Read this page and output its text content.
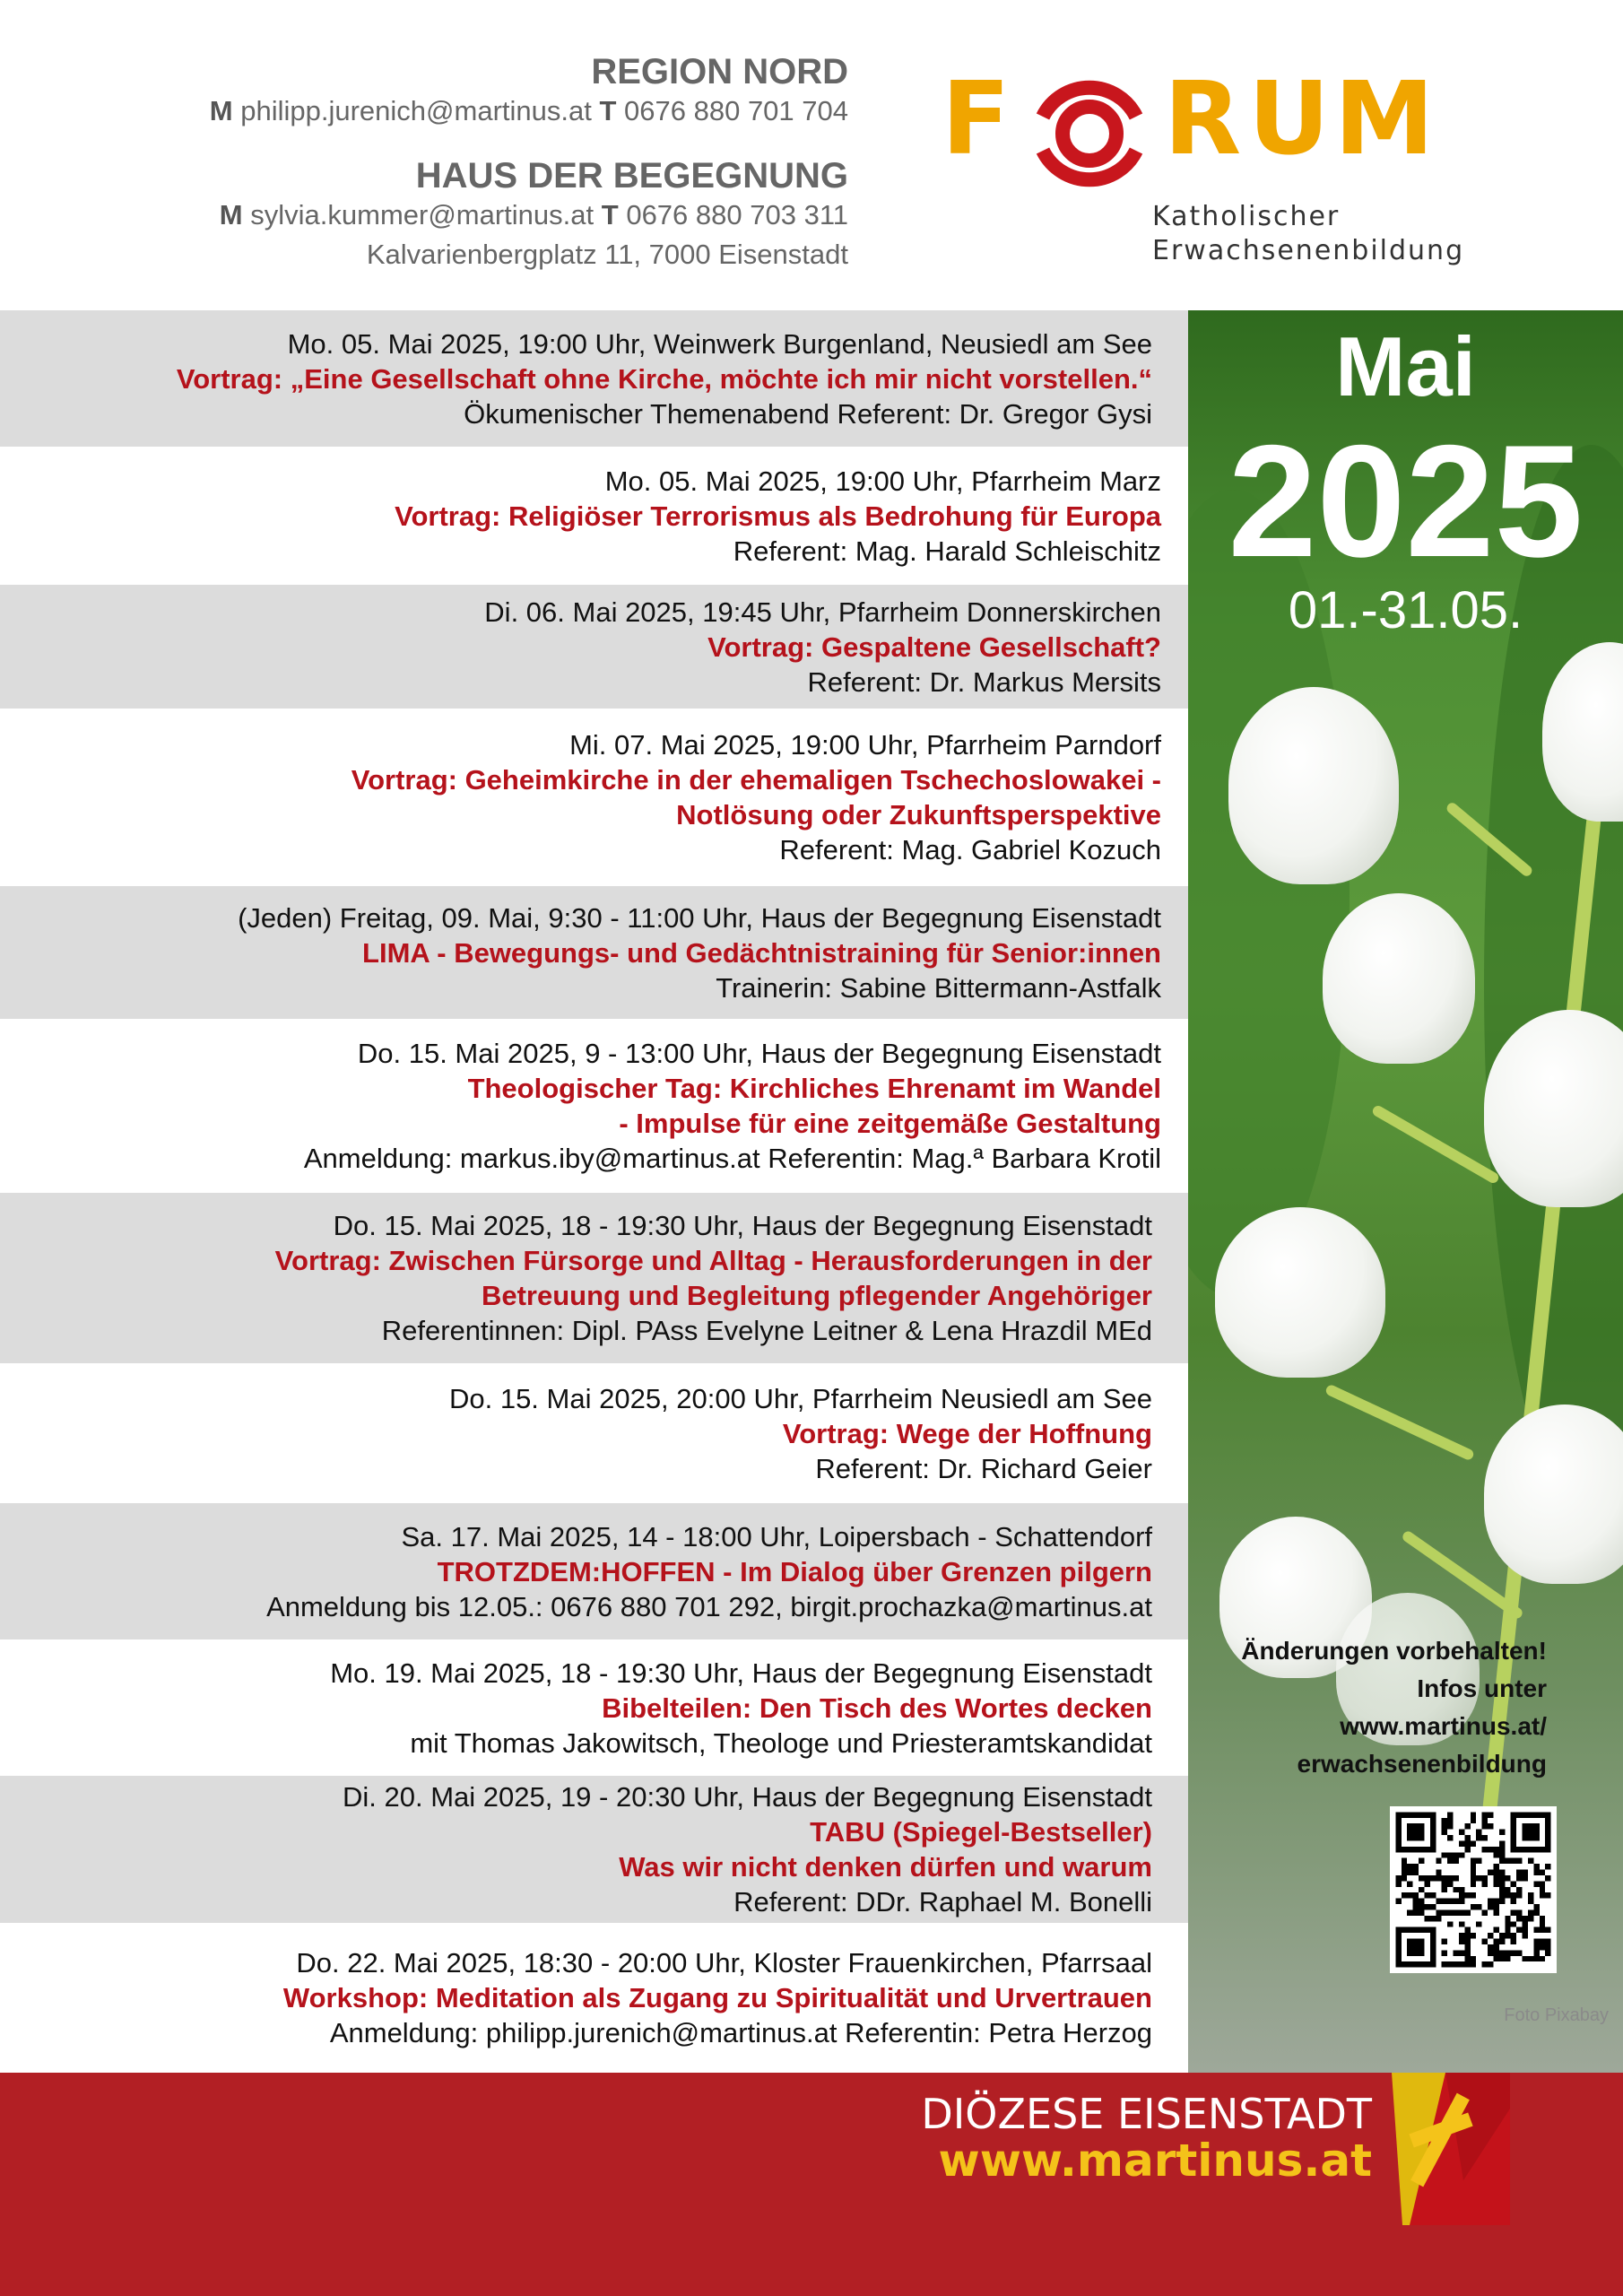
REGION NORD
M philipp.jurenich@martinus.at T 0676 880 701 704
HAUS DER BEGEGNUNG
M sylvia.kummer@martinus.at T 0676 880 703 311
Kalvarienbergplatz 11, 7000 Eisenstadt
F R U M
Katholischer
Erwachsenenbildung
Mo. 05. Mai 2025, 19:00 Uhr, Weinwerk Burgenland, Neusiedl am See
Vortrag: „Eine Gesellschaft ohne Kirche, möchte ich mir nicht vorstellen.“
Ökumenischer Themenabend Referent: Dr. Gregor Gysi
Mo. 05. Mai 2025, 19:00 Uhr, Pfarrheim Marz
Vortrag: Religiöser Terrorismus als Bedrohung für Europa
Referent: Mag. Harald Schleischitz
Di. 06. Mai 2025, 19:45 Uhr, Pfarrheim Donnerskirchen
Vortrag: Gespaltene Gesellschaft?
Referent: Dr. Markus Mersits
Mi. 07. Mai 2025, 19:00 Uhr, Pfarrheim Parndorf
Vortrag: Geheimkirche in der ehemaligen Tschechoslowakei -
Notlösung oder Zukunftsperspektive
Referent: Mag. Gabriel Kozuch
(Jeden) Freitag, 09. Mai, 9:30 - 11:00 Uhr, Haus der Begegnung Eisenstadt
LIMA - Bewegungs- und Gedächtnistraining für Senior:innen
Trainerin: Sabine Bittermann-Astfalk
Do. 15. Mai 2025, 9 - 13:00 Uhr, Haus der Begegnung Eisenstadt
Theologischer Tag: Kirchliches Ehrenamt im Wandel
- Impulse für eine zeitgemäße Gestaltung
Anmeldung: markus.iby@martinus.at Referentin: Mag.ª Barbara Krotil
Do. 15. Mai 2025, 18 - 19:30 Uhr, Haus der Begegnung Eisenstadt
Vortrag: Zwischen Fürsorge und Alltag - Herausforderungen in der
Betreuung und Begleitung pflegender Angehöriger
Referentinnen: Dipl. PAss Evelyne Leitner & Lena Hrazdil MEd
Do. 15. Mai 2025, 20:00 Uhr, Pfarrheim Neusiedl am See
Vortrag: Wege der Hoffnung
Referent: Dr. Richard Geier
Sa. 17. Mai 2025, 14 - 18:00 Uhr, Loipersbach - Schattendorf
TROTZDEM:HOFFEN - Im Dialog über Grenzen pilgern
Anmeldung bis 12.05.: 0676 880 701 292, birgit.prochazka@martinus.at
Mo. 19. Mai 2025, 18 - 19:30 Uhr, Haus der Begegnung Eisenstadt
Bibelteilen: Den Tisch des Wortes decken
mit Thomas Jakowitsch, Theologe und Priesteramtskandidat
Di. 20. Mai 2025, 19 - 20:30 Uhr, Haus der Begegnung Eisenstadt
TABU (Spiegel-Bestseller)
Was wir nicht denken dürfen und warum
Referent: DDr. Raphael M. Bonelli
Do. 22. Mai 2025, 18:30 - 20:00 Uhr, Kloster Frauenkirchen, Pfarrsaal
Workshop: Meditation als Zugang zu Spiritualität und Urvertrauen
Anmeldung: philipp.jurenich@martinus.at Referentin: Petra Herzog
Mai
2025
01.-31.05.
Änderungen vorbehalten!
Infos unter
www.martinus.at/
erwachsenenbildung
Foto Pixabay
DIÖZESE EISENSTADT
www.martinus.at
